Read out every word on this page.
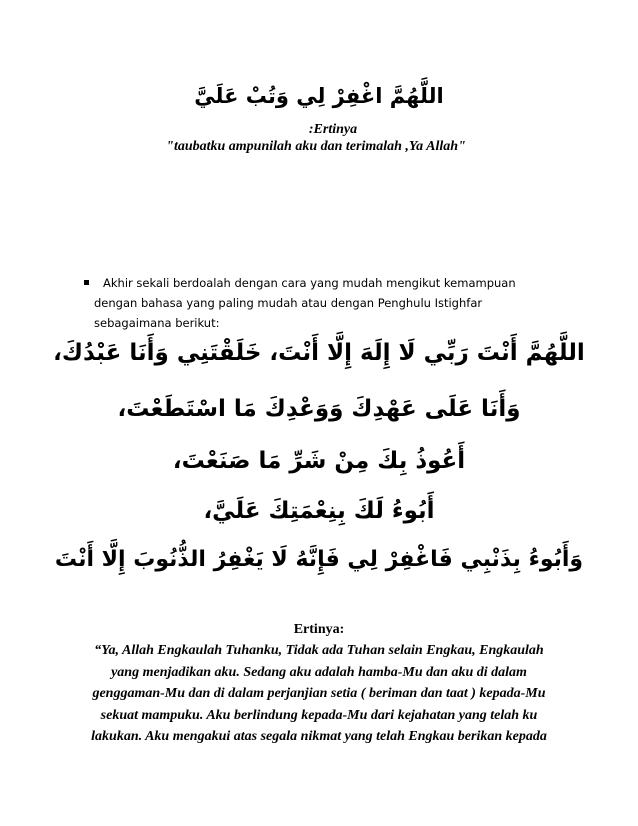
اللَّهُمَّ اغْفِرْ لِي وَتُبْ عَلَيَّ
:Ertinya
"taubatku ampunilah aku dan terimalah ,Ya Allah"

Akhir sekali berdoalah dengan cara yang mudah mengikut kemampuan

dengan bahasa yang paling mudah atau dengan Penghulu Istighfar

sebagaimana berikut:

اللَّهُمَّ أَنْتَ رَبِّي لَا إِلَهَ إِلَّا أَنْتَ، خَلَقْتَنِي وَأَنَا عَبْدُكَ،
وَأَنَا عَلَى عَهْدِكَ وَوَعْدِكَ مَا اسْتَطَعْتَ،
أَعُوذُ بِكَ مِنْ شَرِّ مَا صَنَعْتَ،
أَبُوءُ لَكَ بِنِعْمَتِكَ عَلَيَّ،
وَأَبُوءُ بِذَنْبِي فَاغْفِرْ لِي فَإِنَّهُ لَا يَغْفِرُ الذُّنُوبَ إِلَّا أَنْتَ
Ertinya:
“Ya, Allah Engkaulah Tuhanku, Tidak ada Tuhan selain Engkau, Engkaulah
yang menjadikan aku. Sedang aku adalah hamba-Mu dan aku di dalam
genggaman-Mu dan di dalam perjanjian setia ( beriman dan taat ) kepada-Mu
sekuat mampuku. Aku berlindung kepada-Mu dari kejahatan yang telah ku
lakukan. Aku mengakui atas segala nikmat yang telah Engkau berikan kepada
